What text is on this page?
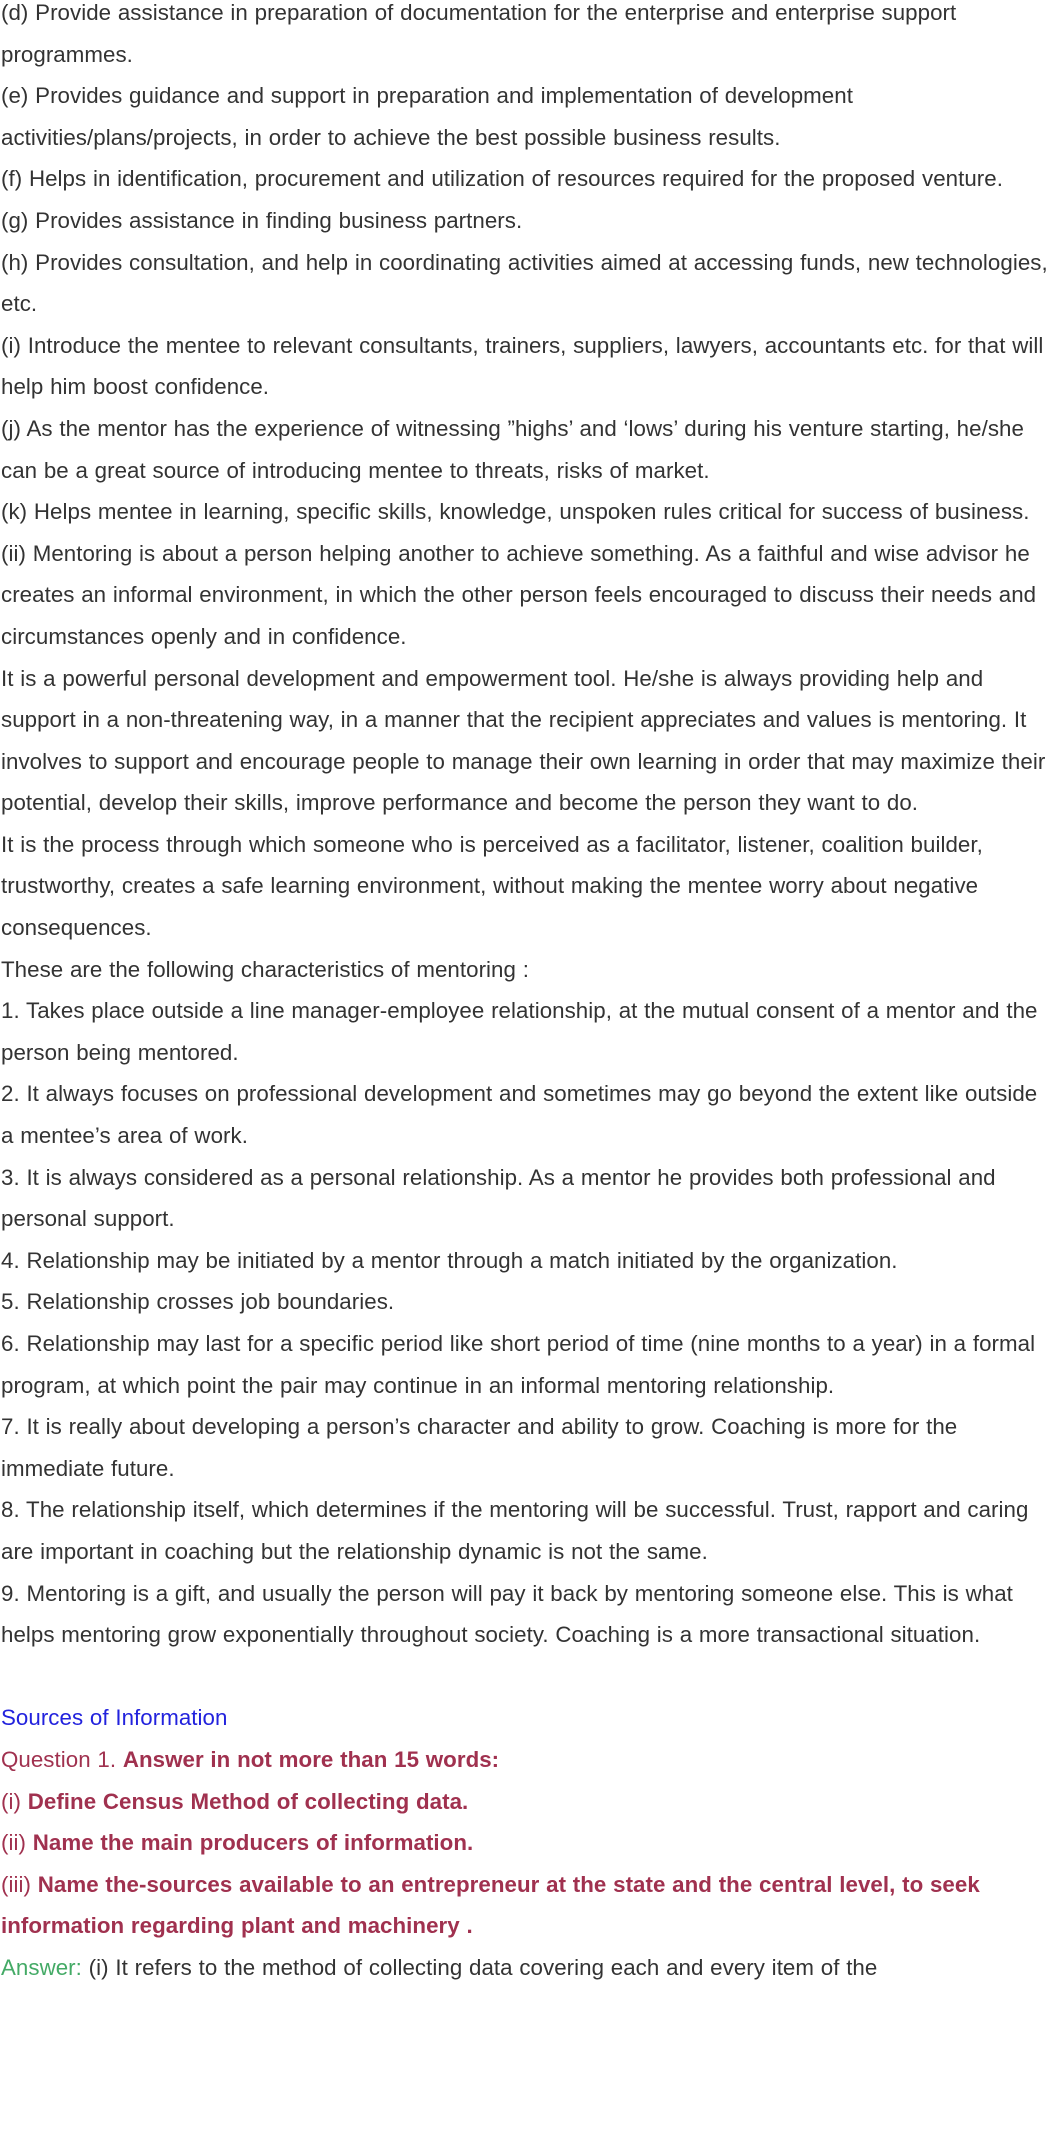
(d) Provide assistance in preparation of documentation for the enterprise and enterprise support programmes.

(e) Provides guidance and support in preparation and implementation of development activities/plans/projects, in order to achieve the best possible business results.

(f) Helps in identification, procurement and utilization of resources required for the proposed venture.

(g) Provides assistance in finding business partners.

(h) Provides consultation, and help in coordinating activities aimed at accessing funds, new technologies, etc.

(i) Introduce the mentee to relevant consultants, trainers, suppliers, lawyers, accountants etc. for that will help him boost confidence.

(j) As the mentor has the experience of witnessing ”highs’ and ‘lows’ during his venture starting, he/she can be a great source of introducing mentee to threats, risks of market.

(k) Helps mentee in learning, specific skills, knowledge, unspoken rules critical for success of business.

(ii) Mentoring is about a person helping another to achieve something. As a faithful and wise advisor he creates an informal environment, in which the other person feels encouraged to discuss their needs and circumstances openly and in confidence.

It is a powerful personal development and empowerment tool. He/she is always providing help and support in a non-threatening way, in a manner that the recipient appreciates and values is mentoring. It involves to support and encourage people to manage their own learning in order that may maximize their potential, develop their skills, improve performance and become the person they want to do.

It is the process through which someone who is perceived as a facilitator, listener, coalition builder, trustworthy, creates a safe learning environment, without making the mentee worry about negative consequences.

These are the following characteristics of mentoring :

1. Takes place outside a line manager-employee relationship, at the mutual consent of a mentor and the person being mentored.

2. It always focuses on professional development and sometimes may go beyond the extent like outside a mentee’s area of work.

3. It is always considered as a personal relationship. As a mentor he provides both professional and personal support.

4. Relationship may be initiated by a mentor through a match initiated by the organization.

5. Relationship crosses job boundaries.

6. Relationship may last for a specific period like short period of time (nine months to a year) in a formal program, at which point the pair may continue in an informal mentoring relationship.

7. It is really about developing a person’s character and ability to grow. Coaching is more for the immediate future.

8. The relationship itself, which determines if the mentoring will be successful. Trust, rapport and caring are important in coaching but the relationship dynamic is not the same.

9. Mentoring is a gift, and usually the person will pay it back by mentoring someone else. This is what helps mentoring grow exponentially throughout society. Coaching is a more transactional situation.

Sources of Information

Question 1. Answer in not more than 15 words:

(i) Define Census Method of collecting data.

(ii) Name the main producers of information.

(iii) Name the-sources available to an entrepreneur at the state and the central level, to seek information regarding plant and machinery .

Answer: (i) It refers to the method of collecting data covering each and every item of the
